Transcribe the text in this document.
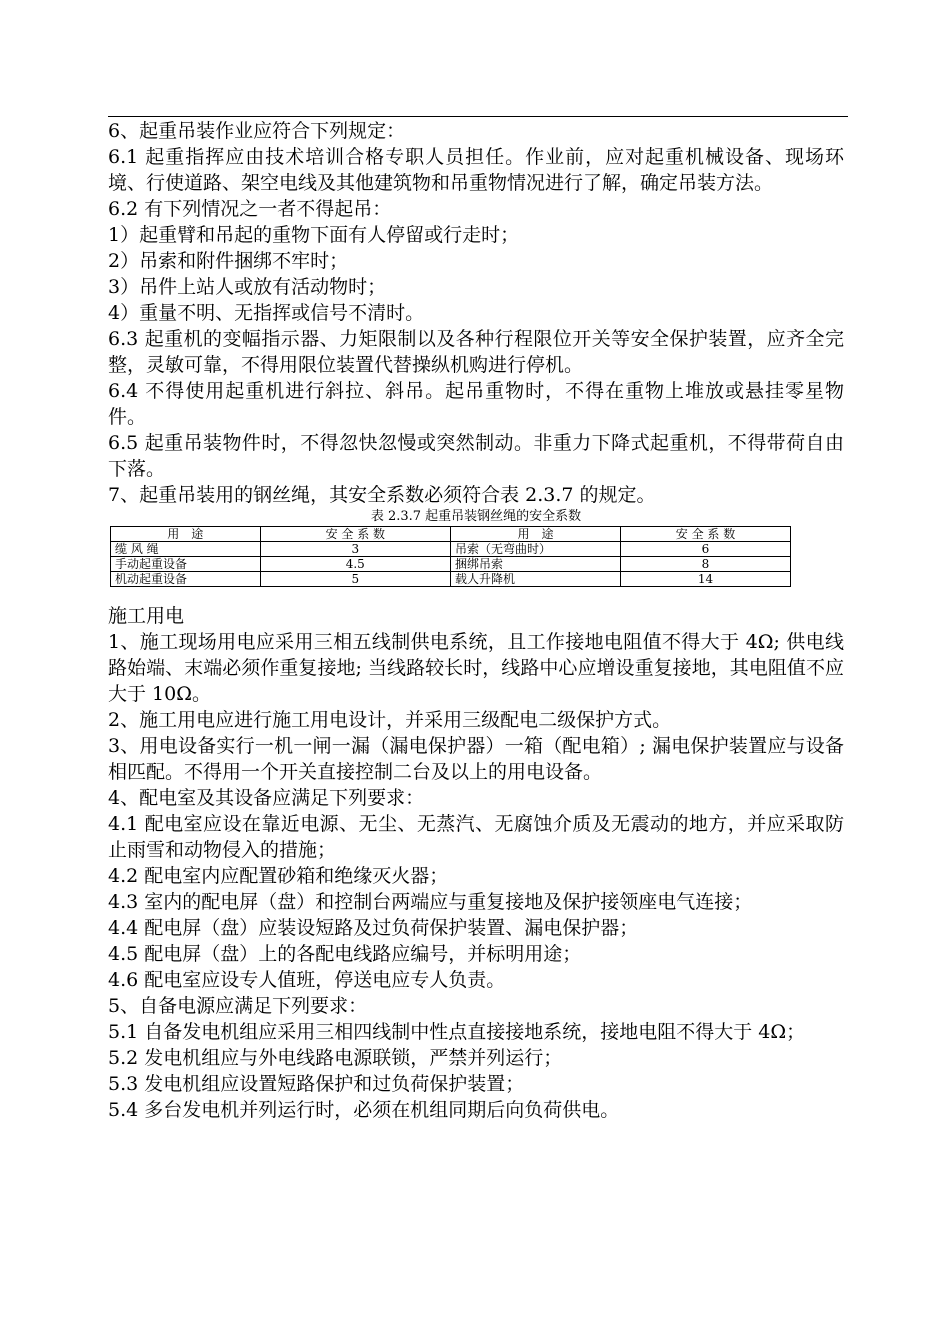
6、起重吊装作业应符合下列规定：

6.1 起重指挥应由技术培训合格专职人员担任。作业前，应对起重机械设备、现场环境、行使道路、架空电线及其他建筑物和吊重物情况进行了解，确定吊装方法。

6.2 有下列情况之一者不得起吊：

1）起重臂和吊起的重物下面有人停留或行走时；

2）吊索和附件捆绑不牢时；

3）吊件上站人或放有活动物时；

4）重量不明、无指挥或信号不清时。

6.3 起重机的变幅指示器、力矩限制以及各种行程限位开关等安全保护装置，应齐全完整，灵敏可靠，不得用限位装置代替操纵机购进行停机。

6.4 不得使用起重机进行斜拉、斜吊。起吊重物时，不得在重物上堆放或悬挂零星物件。

6.5 起重吊装物件时，不得忽快忽慢或突然制动。非重力下降式起重机，不得带荷自由下落。

7、起重吊装用的钢丝绳，其安全系数必须符合表 2.3.7 的规定。

表 2.3.7 起重吊装钢丝绳的安全系数

用　途	安 全 系 数	用　途	安 全 系 数
缆 风 绳	3	吊索（无弯曲时）	6
手动起重设备	4.5	捆绑吊索	8
机动起重设备	5	载人升降机	14

施工用电

1、施工现场用电应采用三相五线制供电系统，且工作接地电阻值不得大于 4Ω; 供电线路始端、末端必须作重复接地; 当线路较长时，线路中心应增设重复接地，其电阻值不应大于 10Ω。

2、施工用电应进行施工用电设计，并采用三级配电二级保护方式。

3、用电设备实行一机一闸一漏（漏电保护器）一箱（配电箱）; 漏电保护装置应与设备相匹配。不得用一个开关直接控制二台及以上的用电设备。

4、配电室及其设备应满足下列要求：

4.1 配电室应设在靠近电源、无尘、无蒸汽、无腐蚀介质及无震动的地方，并应采取防止雨雪和动物侵入的措施；

4.2 配电室内应配置砂箱和绝缘灭火器；

4.3 室内的配电屏（盘）和控制台两端应与重复接地及保护接领座电气连接；

4.4 配电屏（盘）应装设短路及过负荷保护装置、漏电保护器；

4.5 配电屏（盘）上的各配电线路应编号，并标明用途；

4.6 配电室应设专人值班，停送电应专人负责。

5、自备电源应满足下列要求：

5.1 自备发电机组应采用三相四线制中性点直接接地系统，接地电阻不得大于 4Ω；

5.2 发电机组应与外电线路电源联锁，严禁并列运行；

5.3 发电机组应设置短路保护和过负荷保护装置；

5.4 多台发电机并列运行时，必须在机组同期后向负荷供电。
